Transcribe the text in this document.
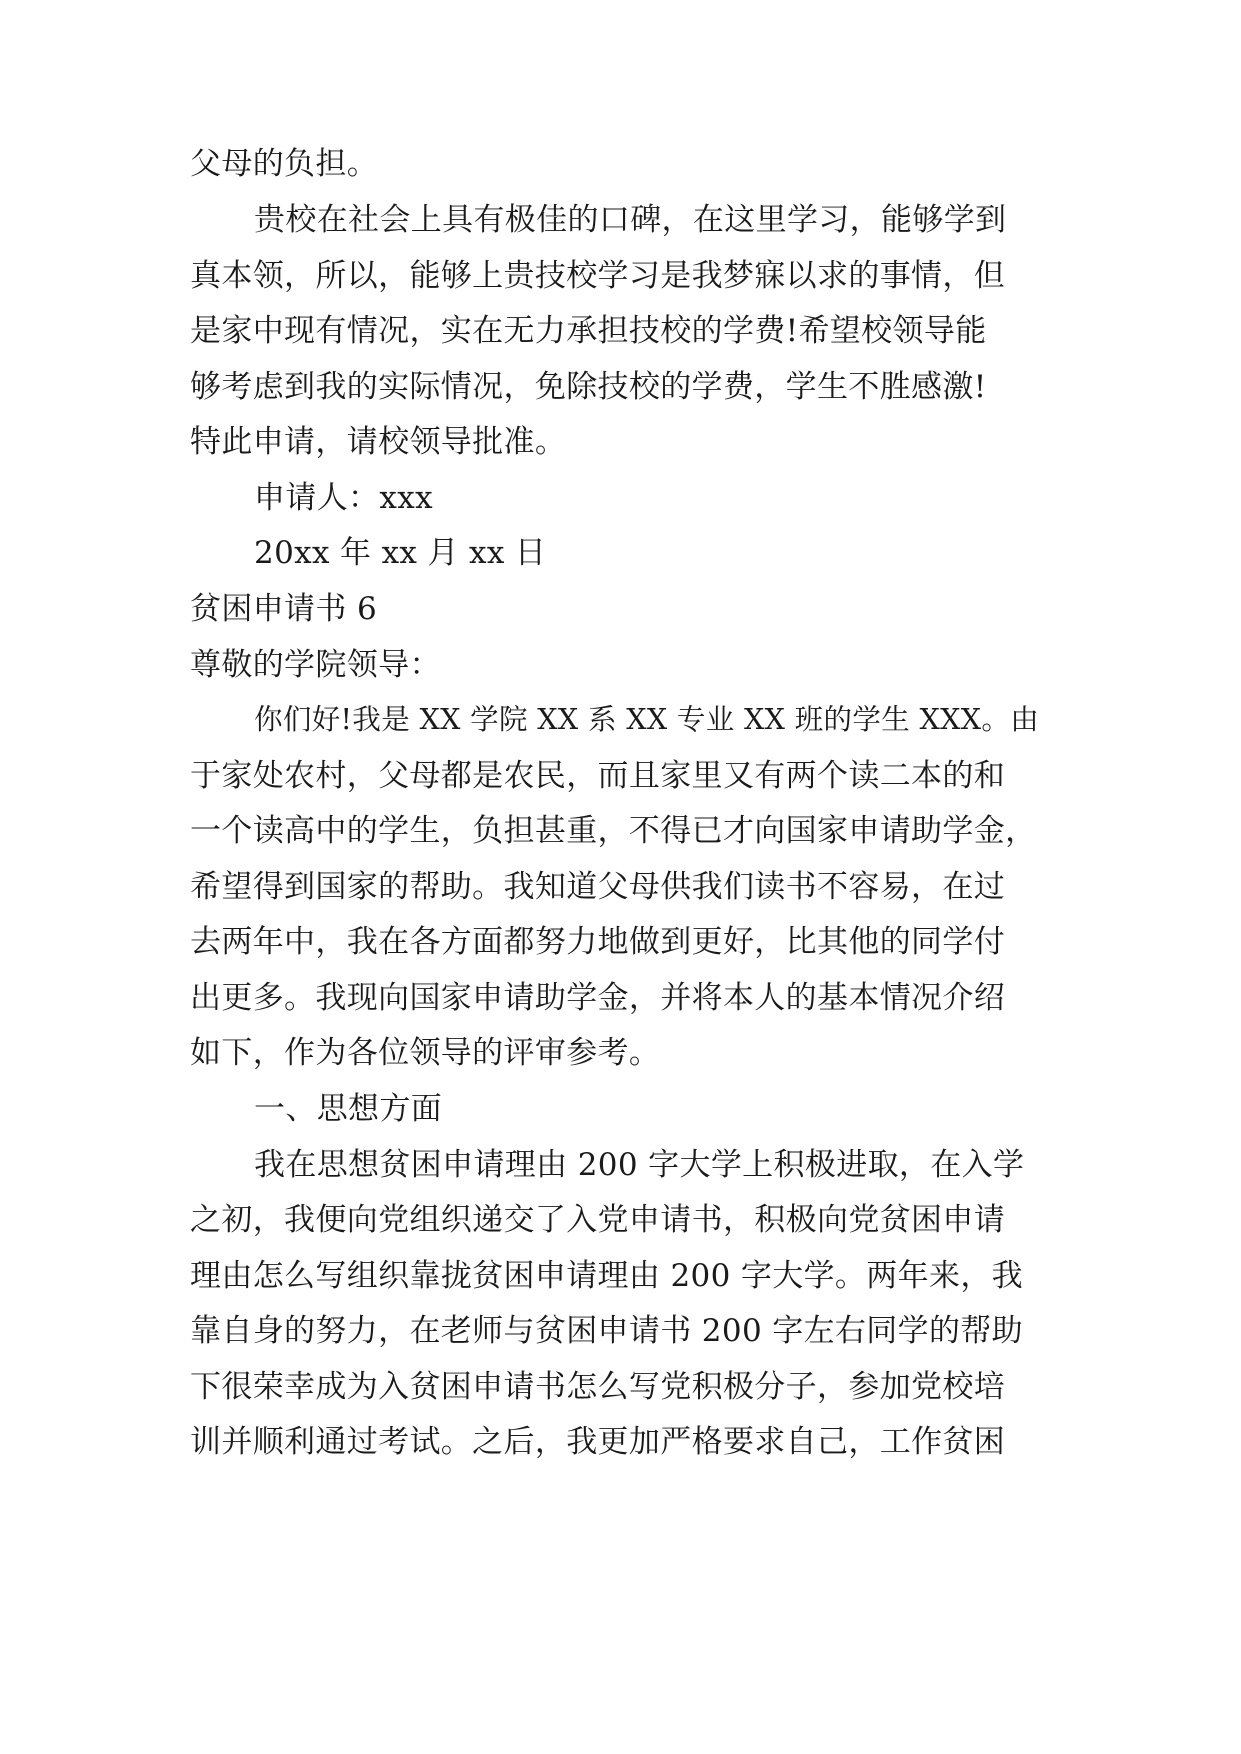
父母的负担。
贵校在社会上具有极佳的口碑，在这里学习，能够学到
真本领，所以，能够上贵技校学习是我梦寐以求的事情，但
是家中现有情况，实在无力承担技校的学费!希望校领导能
够考虑到我的实际情况，免除技校的学费，学生不胜感激!
特此申请，请校领导批准。
申请人：xxx
20xx 年 xx 月 xx 日
贫困申请书 6
尊敬的学院领导：
你们好!我是 XX 学院 XX 系 XX 专业 XX 班的学生 XXX。由
于家处农村，父母都是农民，而且家里又有两个读二本的和
一个读高中的学生，负担甚重，不得已才向国家申请助学金，
希望得到国家的帮助。我知道父母供我们读书不容易，在过
去两年中，我在各方面都努力地做到更好，比其他的同学付
出更多。我现向国家申请助学金，并将本人的基本情况介绍
如下，作为各位领导的评审参考。
一、思想方面
我在思想贫困申请理由 200 字大学上积极进取，在入学
之初，我便向党组织递交了入党申请书，积极向党贫困申请
理由怎么写组织靠拢贫困申请理由 200 字大学。两年来，我
靠自身的努力，在老师与贫困申请书 200 字左右同学的帮助
下很荣幸成为入贫困申请书怎么写党积极分子，参加党校培
训并顺利通过考试。之后，我更加严格要求自己，工作贫困
